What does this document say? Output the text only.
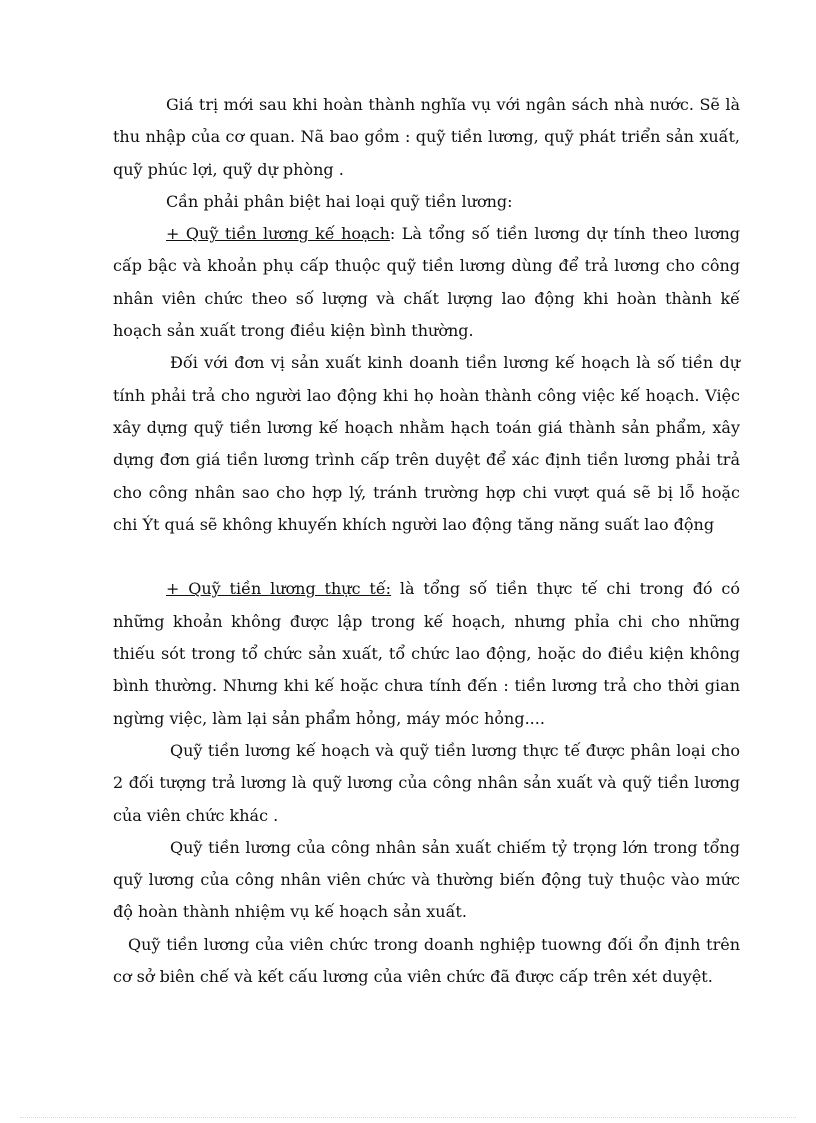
Giá trị mới sau khi hoàn thành nghĩa vụ với ngân sách nhà nước. Sẽ là thu nhập của cơ quan. Nã bao gồm : quỹ tiền lương, quỹ phát triển sản xuất, quỹ phúc lợi, quỹ dự phòng .

Cần phải phân biệt hai loại quỹ tiền lương:

+ Quỹ tiền lương kế hoạch: Là tổng số tiền lương dự tính theo lương cấp bậc và khoản phụ cấp thuộc quỹ tiền lương dùng để trả lương cho công nhân viên chức theo số lượng và chất lượng lao động khi hoàn thành kế hoạch sản xuất trong điều kiện bình thường.

Đối với đơn vị sản xuất kinh doanh tiền lương kế hoạch là số tiền dự tính phải trả cho người lao động khi họ hoàn thành công việc kế hoạch. Việc xây dựng quỹ tiền lương kế hoạch nhằm hạch toán giá thành sản phẩm, xây dựng đơn giá tiền lương trình cấp trên duyệt để xác định tiền lương phải trả cho công nhân sao cho hợp lý, tránh trường hợp chi vượt quá sẽ bị lỗ hoặc chi Ýt quá sẽ không khuyến khích người lao động tăng năng suất lao động

+ Quỹ tiền lương thực tế: là tổng số tiền thực tế chi trong đó có những khoản không được lập trong kế hoạch, nhưng phỉa chi cho những thiếu sót trong tổ chức sản xuất, tổ chức lao động, hoặc do điều kiện không bình thường. Nhưng khi kế hoặc chưa tính đến : tiền lương trả cho thời gian ngừng việc, làm lại sản phẩm hỏng, máy móc hỏng....

Quỹ tiền lương kế hoạch và quỹ tiền lương thực tế được phân loại cho 2 đối tượng trả lương là quỹ lương của công nhân sản xuất và quỹ tiền lương của viên chức khác .

Quỹ tiền lương của công nhân sản xuất chiếm tỷ trọng lớn trong tổng quỹ lương của công nhân viên chức và thường biến động tuỳ thuộc vào mức độ hoàn thành nhiệm vụ kế hoạch sản xuất.

Quỹ tiền lương của viên chức trong doanh nghiệp tuowng đối ổn định trên cơ sở biên chế và kết cấu lương của viên chức đã được cấp trên xét duyệt.
